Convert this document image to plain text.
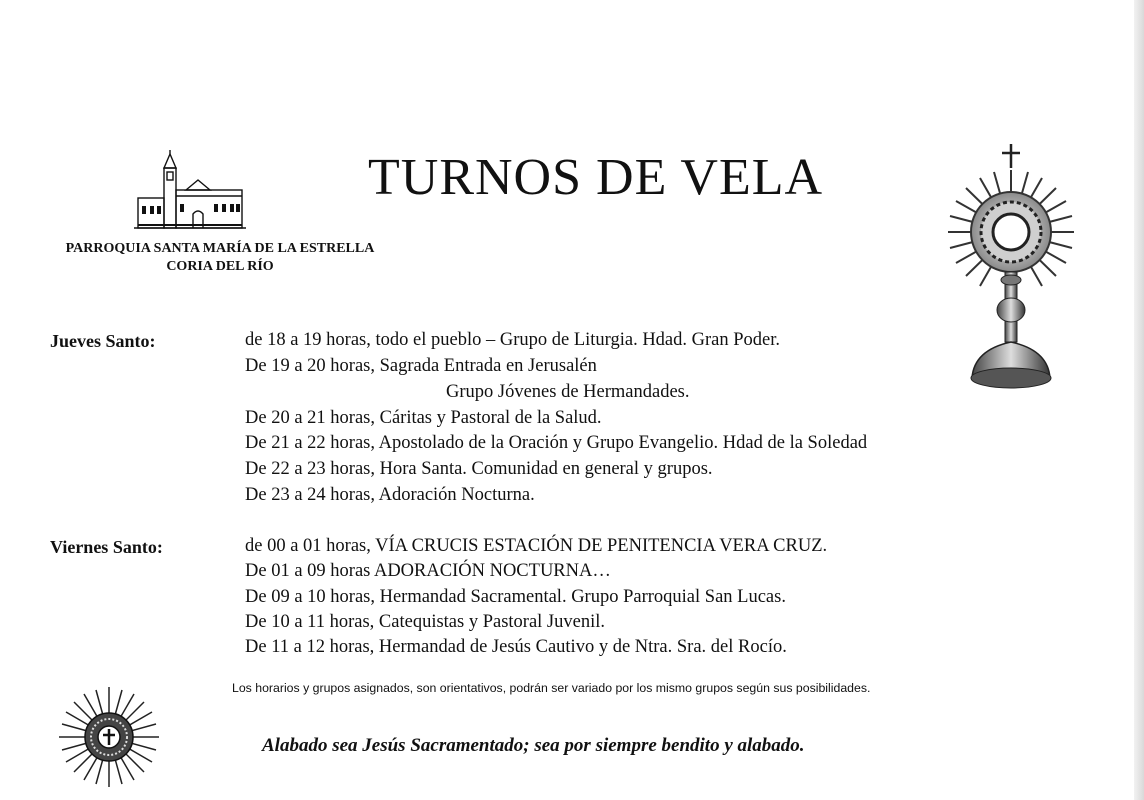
PARROQUIA SANTA MARÍA DE LA ESTRELLA
CORIA DEL RÍO
TURNOS DE VELA
Jueves Santo:	de 18 a 19 horas, todo el pueblo – Grupo de Liturgia. Hdad. Gran Poder.
De 19 a 20 horas, Sagrada Entrada en Jerusalén
Grupo Jóvenes de Hermandades.
De 20 a 21 horas, Cáritas y Pastoral de la Salud.
De 21 a 22 horas, Apostolado de la Oración y Grupo Evangelio. Hdad de la Soledad
De 22 a 23 horas, Hora Santa. Comunidad en general y grupos.
De 23 a 24 horas, Adoración Nocturna.
Viernes Santo:	de 00 a 01 horas, VÍA CRUCIS ESTACIÓN DE PENITENCIA VERA CRUZ.
De 01 a 09 horas ADORACIÓN NOCTURNA…
De 09 a 10 horas, Hermandad Sacramental. Grupo Parroquial San Lucas.
De 10 a 11 horas, Catequistas y Pastoral Juvenil.
De 11 a 12 horas, Hermandad de Jesús Cautivo y de Ntra. Sra. del Rocío.
Los horarios y grupos asignados, son orientativos, podrán ser variado por los mismo grupos según sus posibilidades.
Alabado sea Jesús Sacramentado; sea por siempre bendito y alabado.
